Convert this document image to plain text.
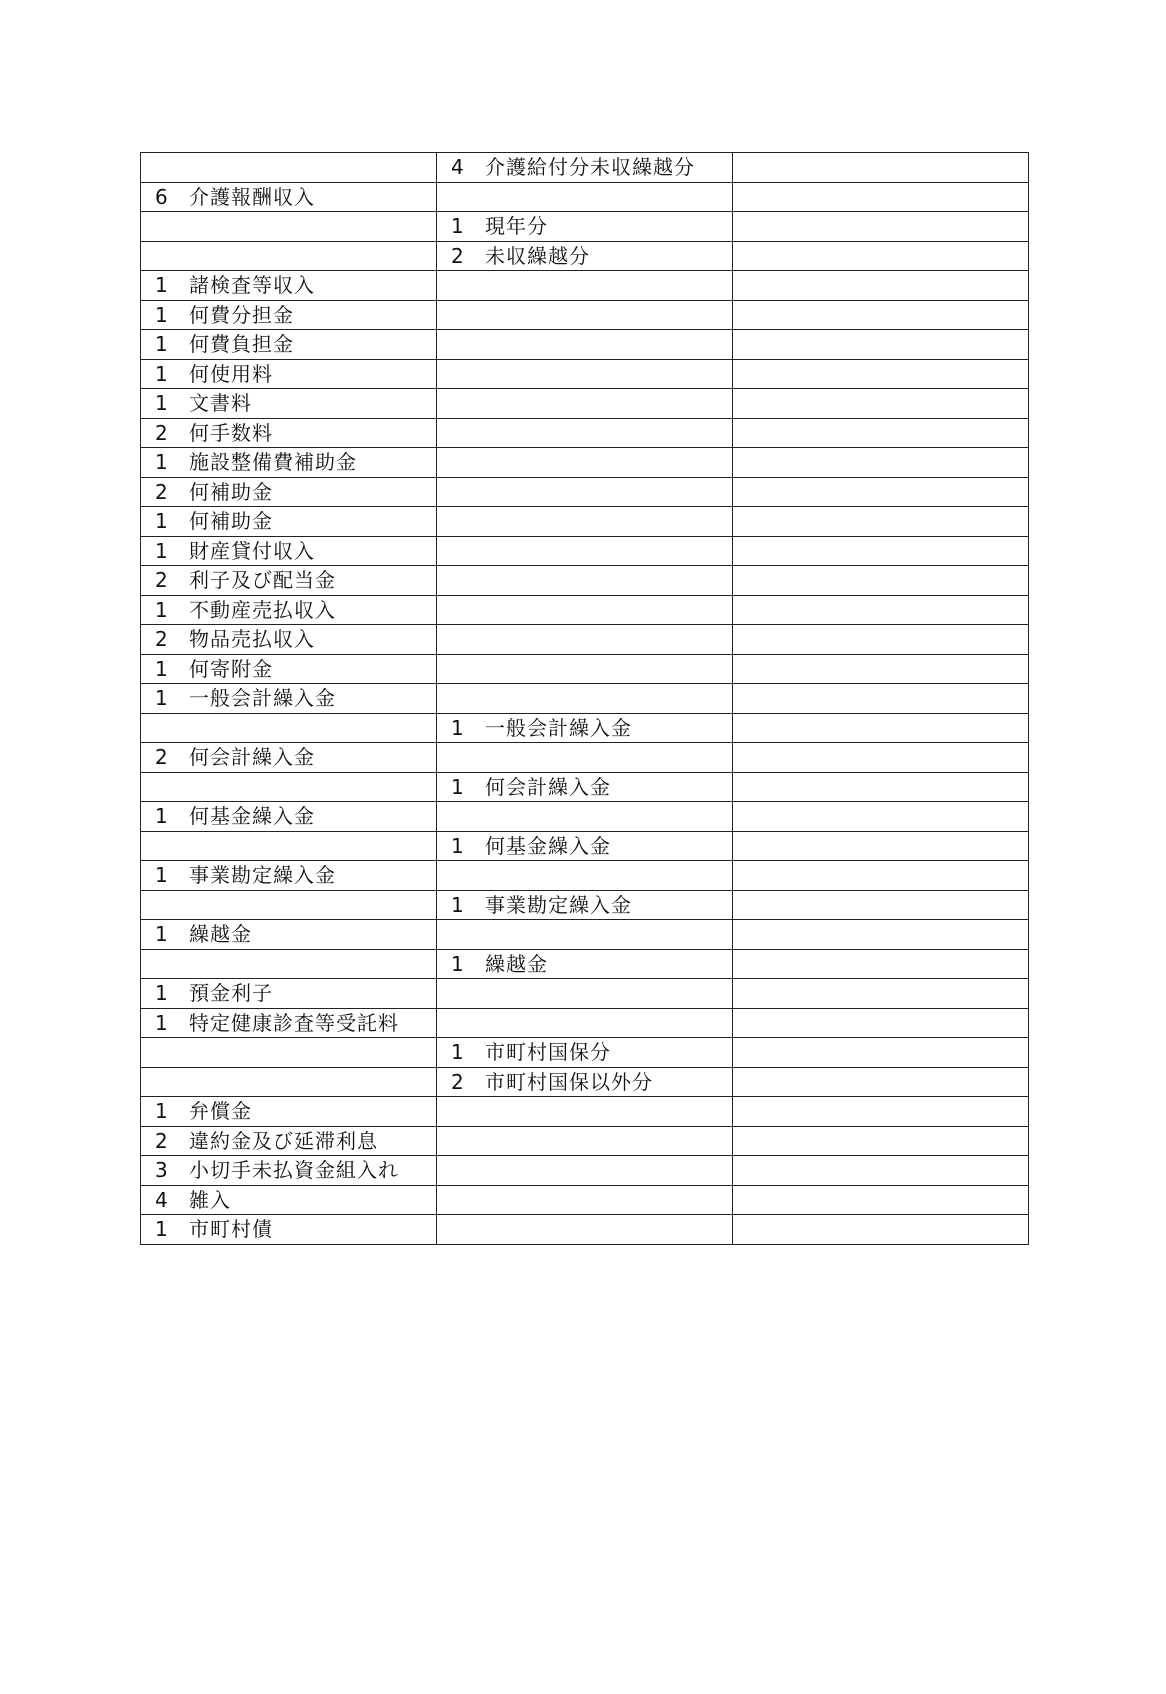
	4 介護給付分未収繰越分	
6 介護報酬収入		
	1 現年分	
	2 未収繰越分	
1 諸検査等収入		
1 何費分担金		
1 何費負担金		
1 何使用料		
1 文書料		
2 何手数料		
1 施設整備費補助金		
2 何補助金		
1 何補助金		
1 財産貸付収入		
2 利子及び配当金		
1 不動産売払収入		
2 物品売払収入		
1 何寄附金		
1 一般会計繰入金		
	1 一般会計繰入金	
2 何会計繰入金		
	1 何会計繰入金	
1 何基金繰入金		
	1 何基金繰入金	
1 事業勘定繰入金		
	1 事業勘定繰入金	
1 繰越金		
	1 繰越金	
1 預金利子		
1 特定健康診査等受託料		
	1 市町村国保分	
	2 市町村国保以外分	
1 弁償金		
2 違約金及び延滞利息		
3 小切手未払資金組入れ		
4 雑入		
1 市町村債		
